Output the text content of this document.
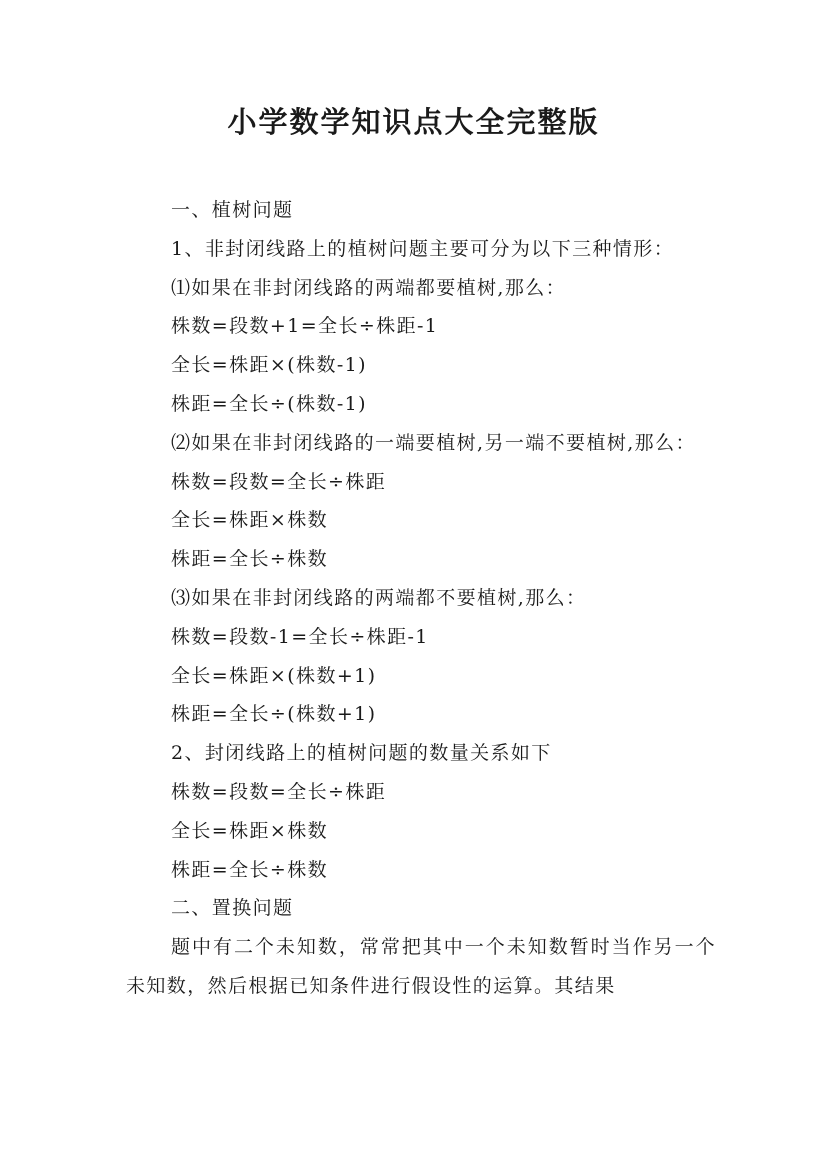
小学数学知识点大全完整版
一、植树问题
1、非封闭线路上的植树问题主要可分为以下三种情形：
⑴如果在非封闭线路的两端都要植树,那么：
株数=段数+1=全长÷株距-1
全长=株距×(株数-1)
株距=全长÷(株数-1)
⑵如果在非封闭线路的一端要植树,另一端不要植树,那么：
株数=段数=全长÷株距
全长=株距×株数
株距=全长÷株数
⑶如果在非封闭线路的两端都不要植树,那么：
株数=段数-1=全长÷株距-1
全长=株距×(株数+1)
株距=全长÷(株数+1)
2、封闭线路上的植树问题的数量关系如下
株数=段数=全长÷株距
全长=株距×株数
株距=全长÷株数
二、置换问题
题中有二个未知数，常常把其中一个未知数暂时当作另一个未知数，然后根据已知条件进行假设性的运算。其结果
